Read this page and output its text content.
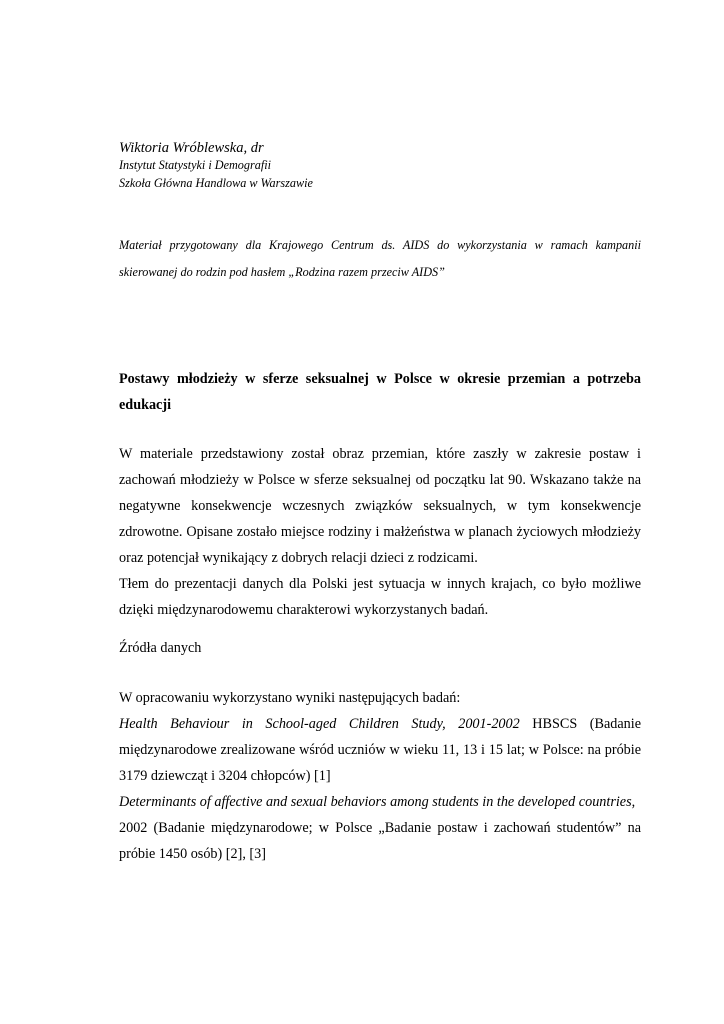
Wiktoria Wróblewska, dr
Instytut Statystyki i Demografii
Szkoła Główna Handlowa w Warszawie
Materiał przygotowany dla Krajowego Centrum ds. AIDS do wykorzystania w ramach kampanii
skierowanej do rodzin pod hasłem „Rodzina razem przeciw AIDS”
Postawy młodzieży w sferze seksualnej w Polsce w okresie przemian a potrzeba
edukacji
W materiale przedstawiony został obraz przemian, które zaszły w zakresie postaw i
zachowań młodzieży w Polsce w sferze seksualnej od początku lat 90. Wskazano także na
negatywne konsekwencje wczesnych związków seksualnych, w tym konsekwencje
zdrowotne. Opisane zostało miejsce rodziny i małżeństwa w planach życiowych młodzieży
oraz potencjał wynikający z dobrych relacji dzieci z rodzicami.
Tłem do prezentacji danych dla Polski jest sytuacja w innych krajach, co było możliwe
dzięki międzynarodowemu charakterowi wykorzystanych badań.
Źródła danych
W opracowaniu wykorzystano wyniki następujących badań:
Health Behaviour in School-aged Children Study, 2001-2002 HBSCS (Badanie
międzynarodowe zrealizowane wśród uczniów w wieku 11, 13 i 15 lat; w Polsce: na próbie
3179 dziewcząt i 3204 chłopców) [1]
Determinants of affective and sexual behaviors among students in the developed countries,
2002 (Badanie międzynarodowe; w Polsce „Badanie postaw i zachowań studentów” na
próbie 1450 osób) [2], [3]
